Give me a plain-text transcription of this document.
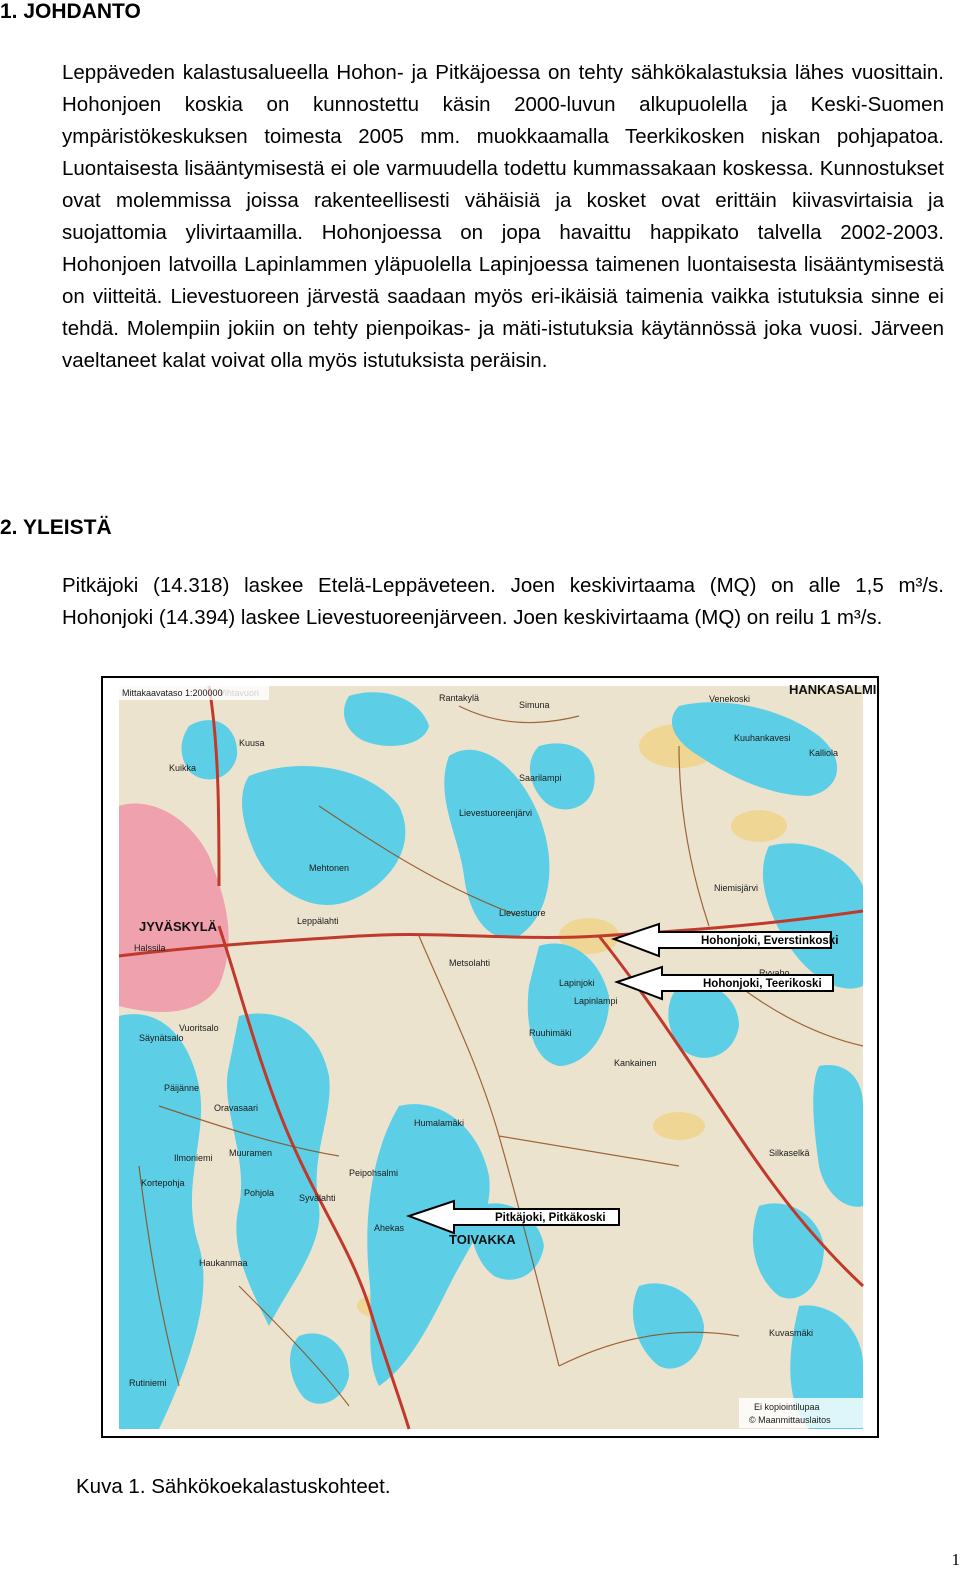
1. JOHDANTO
Leppäveden kalastusalueella Hohon- ja Pitkäjoessa on tehty sähkökalastuksia lähes vuosittain. Hohonjoen koskia on kunnostettu käsin 2000-luvun alkupuolella ja Keski-Suomen ympäristökeskuksen toimesta 2005 mm. muokkaamalla Teerkikosken niskan pohjapatoa. Luontaisesta lisääntymisestä ei ole varmuudella todettu kummassakaan koskessa. Kunnostukset ovat molemmissa joissa rakenteellisesti vähäisiä ja kosket ovat erittäin kiivasvirtaisia ja suojattomia ylivirtaamilla. Hohonjoessa on jopa havaittu happikato talvella 2002-2003. Hohonjoen latvoilla Lapinlammen yläpuolella Lapinjoessa taimenen luontaisesta lisääntymisestä on viitteitä. Lievestuoreen järvestä saadaan myös eri-ikäisiä taimenia vaikka istutuksia sinne ei tehdä. Molempiin jokiin on tehty pienpoikas- ja mäti-istutuksia käytännössä joka vuosi. Järveen vaeltaneet kalat voivat olla myös istutuksista peräisin.
2. YLEISTÄ
Pitkäjoki (14.318) laskee Etelä-Leppäveteen. Joen keskivirtaama (MQ) on alle 1,5 m³/s. Hohonjoki (14.394) laskee Lievestuoreenjärveen. Joen keskivirtaama (MQ) on reilu 1 m³/s.
JYVÄSKYLÄ
TOIVAKKA
HANKASALMI
Lievestuore
Leppälahti
Metsolahti
Kuusa
Simuna
Rantakylä
Säynätsalo
Oravasaari
Päijänne
Haukanmaa
Pohjola	Syvälahti
Ahekas
Peipohsalmi
Humalamäki
Ruuhimäki
Kankainen
Niemisjärvi
Venekoski
Kuuhankavesi
Mehtonen
Vuoritsalo
Silkaselkä
Kuvasmäki
Rutiniemi
Ilmoniemi
Kortepohja
Halssila
Muuramen
Lievestuoreenjärvi
Lapinjoki
Lapinlampi
Ryvaho
Kuikka
Kalliola
Saarilampi
Mittakaavataso 1:200000
Ei kopiointilupaa
© Maanmittauslaitos
Hohonjoki, Everstinkoski
Hohonjoki, Teerikoski
Pitkäjoki, Pitkäkoski
Kuva 1. Sähkökoekalastuskohteet.
1
